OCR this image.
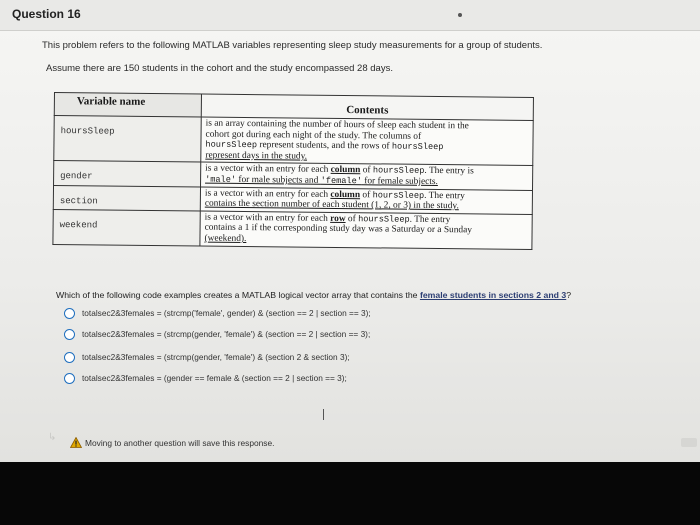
Question 16
This problem refers to the following MATLAB variables representing sleep study measurements for a group of students.
Assume there are 150 students in the cohort and the study encompassed 28 days.
Variable name	Contents
hoursSleep	is an array containing the number of hours of sleep each student in the
cohort got during each night of the study. The columns of
hoursSleep represent students, and the rows of hoursSleep
represent days in the study.

gender	is a vector with an entry for each column of hoursSleep. The entry is
'male' for male subjects and 'female' for female subjects.

section	is a vector with an entry for each column of hoursSleep. The entry
contains the section number of each student (1, 2, or 3) in the study.

weekend	is a vector with an entry for each row of hoursSleep. The entry
contains a 1 if the corresponding study day was a Saturday or a Sunday
(weekend).
Which of the following code examples creates a MATLAB logical vector array that contains the female students in sections 2 and 3?
totalsec2&3females = (strcmp('female', gender) & (section == 2 | section == 3);
totalsec2&3females = (strcmp(gender, 'female') & (section == 2 | section == 3);
totalsec2&3females = (strcmp(gender, 'female') & (section 2 & section 3);
totalsec2&3females = (gender == female & (section == 2 | section == 3);
↳	Moving to another question will save this response.
